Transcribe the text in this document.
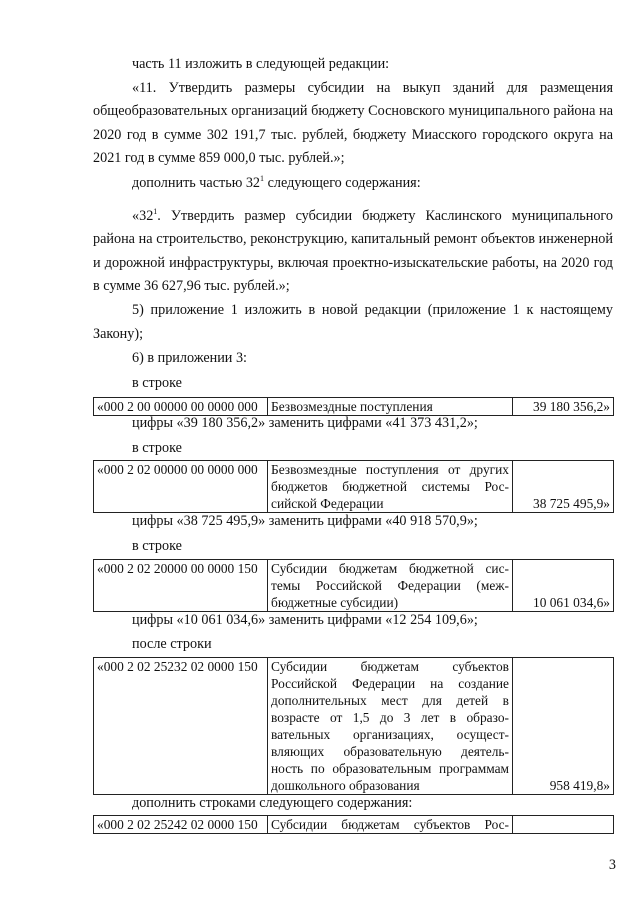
часть 11 изложить в следующей редакции:
«11. Утвердить размеры субсидии на выкуп зданий для размещения
общеобразовательных организаций бюджету Сосновского муниципального района на
2020 год в сумме 302 191,7 тыс. рублей, бюджету Миасского городского округа на
2021 год в сумме 859 000,0 тыс. рублей.»;
дополнить частью $32^1$ следующего содержания:
«$32^1$. Утвердить размер субсидии бюджету Каслинского муниципального
района на строительство, реконструкцию, капитальный ремонт объектов инженерной
и дорожной инфраструктуры, включая проектно-изыскательские работы, на 2020 год
в сумме 36 627,96 тыс. рублей.»;
5) приложение 1 изложить в новой редакции (приложение 1 к настоящему
Закону);
6) в приложении 3:
в строке
«000 2 00 00000 00 0000 000	Безвозмездные поступления	39 180 356,2»
цифры «39 180 356,2» заменить цифрами «41 373 431,2»;
в строке
«000 2 02 00000 00 0000 000	Безвозмездные поступления от других
бюджетов бюджетной системы Рос-
сийской Федерации	38 725 495,9»
цифры «38 725 495,9» заменить цифрами «40 918 570,9»;
в строке
«000 2 02 20000 00 0000 150	Субсидии бюджетам бюджетной сис-
темы Российской Федерации (меж-
бюджетные субсидии)	10 061 034,6»
цифры «10 061 034,6» заменить цифрами «12 254 109,6»;
после строки
«000 2 02 25232 02 0000 150	Субсидии бюджетам субъектов
Российской Федерации на создание
дополнительных мест для детей в
возрасте от 1,5 до 3 лет в образо-
вательных организациях, осущест-
вляющих образовательную деятель-
ность по образовательным программам
дошкольного образования	958 419,8»
дополнить строками следующего содержания:
«000 2 02 25242 02 0000 150	Субсидии бюджетам субъектов Рос-

3
